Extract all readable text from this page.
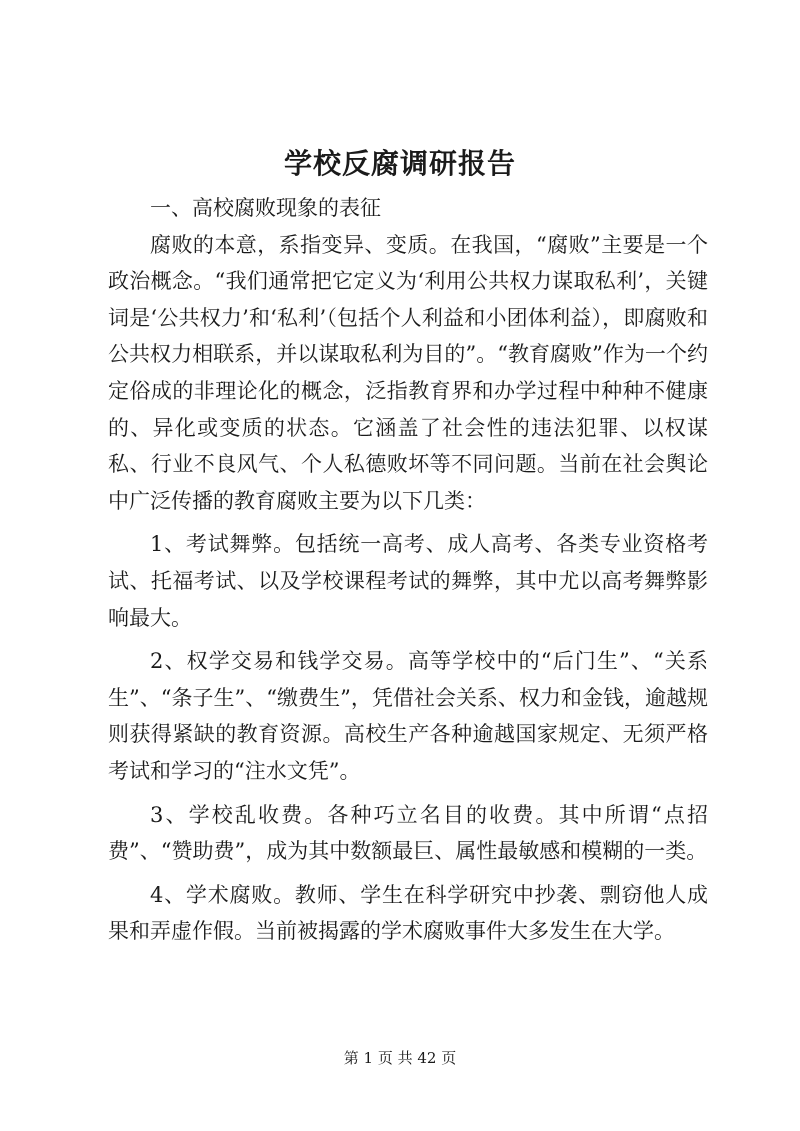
学校反腐调研报告

一、高校腐败现象的表征

腐败的本意，系指变异、变质。在我国，“腐败”主要是一个政治概念。“我们通常把它定义为‘利用公共权力谋取私利’，关键词是‘公共权力’和‘私利’（包括个人利益和小团体利益），即腐败和公共权力相联系，并以谋取私利为目的”。“教育腐败”作为一个约定俗成的非理论化的概念，泛指教育界和办学过程中种种不健康的、异化或变质的状态。它涵盖了社会性的违法犯罪、以权谋私、行业不良风气、个人私德败坏等不同问题。当前在社会舆论中广泛传播的教育腐败主要为以下几类：

1、考试舞弊。包括统一高考、成人高考、各类专业资格考试、托福考试、以及学校课程考试的舞弊，其中尤以高考舞弊影响最大。

2、权学交易和钱学交易。高等学校中的“后门生”、“关系生”、“条子生”、“缴费生”，凭借社会关系、权力和金钱，逾越规则获得紧缺的教育资源。高校生产各种逾越国家规定、无须严格考试和学习的“注水文凭”。

3、学校乱收费。各种巧立名目的收费。其中所谓“点招费”、“赞助费”，成为其中数额最巨、属性最敏感和模糊的一类。

4、学术腐败。教师、学生在科学研究中抄袭、剽窃他人成果和弄虚作假。当前被揭露的学术腐败事件大多发生在大学。

第 1 页 共 42 页
